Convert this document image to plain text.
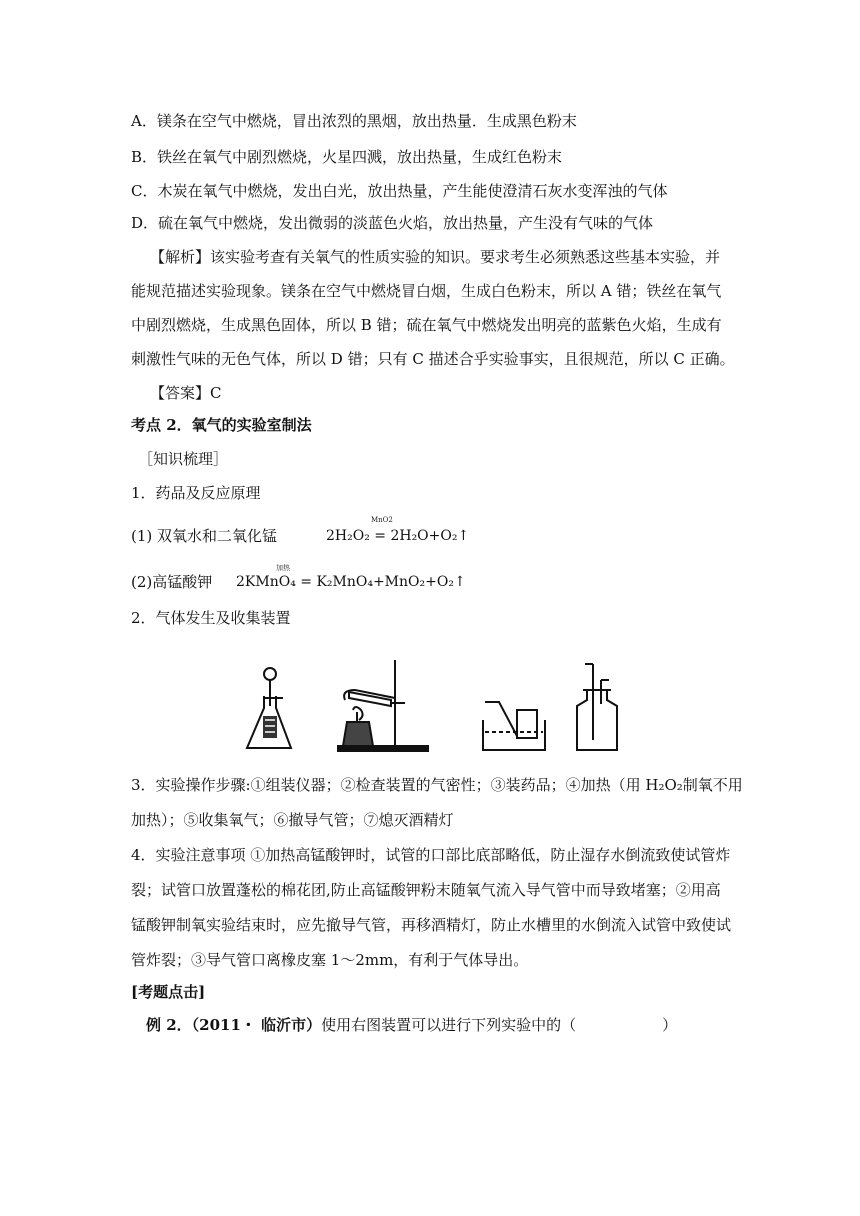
A．镁条在空气中燃烧，冒出浓烈的黑烟，放出热量．生成黑色粉末
B．铁丝在氧气中剧烈燃烧，火星四溅，放出热量，生成红色粉末
C．木炭在氧气中燃烧，发出白光，放出热量，产生能使澄清石灰水变浑浊的气体
D．硫在氧气中燃烧，发出微弱的淡蓝色火焰，放出热量，产生没有气味的气体
【解析】该实验考查有关氧气的性质实验的知识。要求考生必须熟悉这些基本实验，并
能规范描述实验现象。镁条在空气中燃烧冒白烟，生成白色粉末，所以 A 错；铁丝在氧气
中剧烈燃烧，生成黑色固体，所以 B 错；硫在氧气中燃烧发出明亮的蓝紫色火焰，生成有
刺激性气味的无色气体，所以 D 错；只有 C 描述合乎实验事实，且很规范，所以 C 正确。
【答案】C
考点 2．氧气的实验室制法
［知识梳理］
1．药品及反应原理
(1) 双氧水和二氧化锰
MnO2
2H₂O₂ = 2H₂O+O₂↑
(2)高锰酸钾
加热
2KMnO₄ = K₂MnO₄+MnO₂+O₂↑
2．气体发生及收集装置
3．实验操作步骤:①组装仪器；②检查装置的气密性；③装药品；④加热（用 H₂O₂制氧不用
加热）；⑤收集氧气；⑥撤导气管；⑦熄灭酒精灯
4．实验注意事项 ①加热高锰酸钾时，试管的口部比底部略低，防止湿存水倒流致使试管炸
裂；试管口放置蓬松的棉花团,防止高锰酸钾粉末随氧气流入导气管中而导致堵塞；②用高
锰酸钾制氧实验结束时，应先撤导气管，再移酒精灯，防止水槽里的水倒流入试管中致使试
管炸裂；③导气管口离橡皮塞 1～2mm，有利于气体导出。
[考题点击]
例 2．（2011・ 临沂市）使用右图装置可以进行下列实验中的（	）
